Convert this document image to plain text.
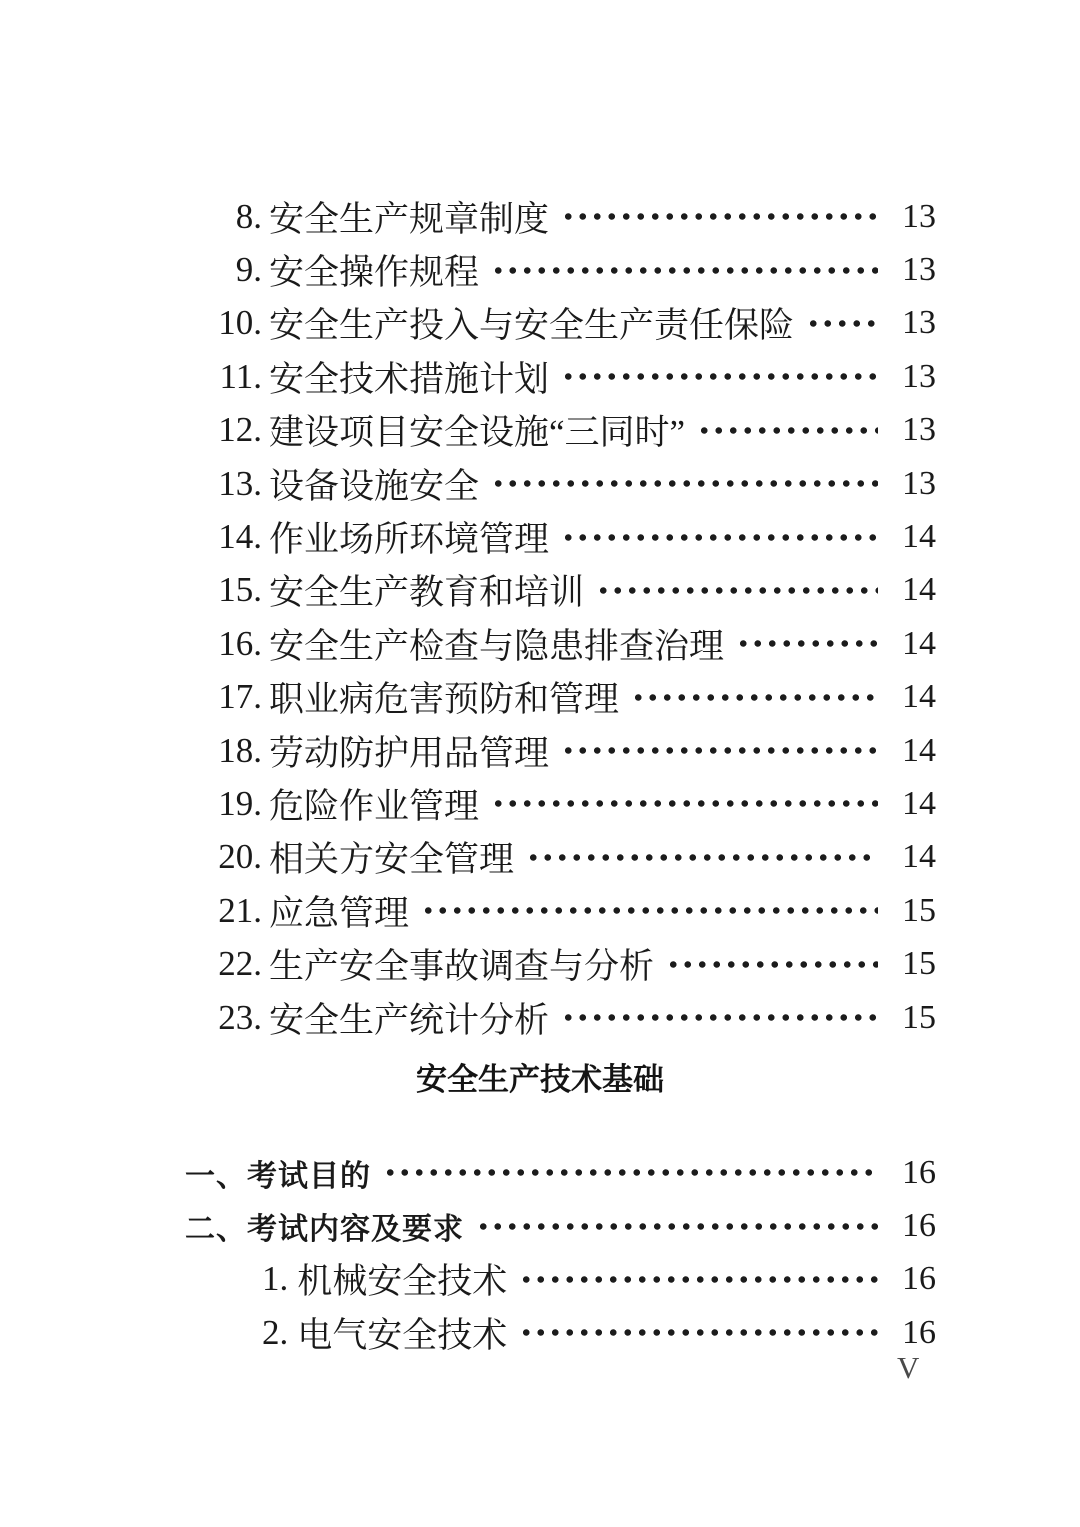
8. 安全生产规章制度	13
9. 安全操作规程	13
10. 安全生产投入与安全生产责任保险	13
11. 安全技术措施计划	13
12. 建设项目安全设施“三同时”	13
13. 设备设施安全	13
14. 作业场所环境管理	14
15. 安全生产教育和培训	14
16. 安全生产检查与隐患排查治理	14
17. 职业病危害预防和管理	14
18. 劳动防护用品管理	14
19. 危险作业管理	14
20. 相关方安全管理	14
21. 应急管理	15
22. 生产安全事故调查与分析	15
23. 安全生产统计分析	15
安全生产技术基础
一、考试目的	16
二、考试内容及要求	16
1. 机械安全技术	16
2. 电气安全技术	16
V
